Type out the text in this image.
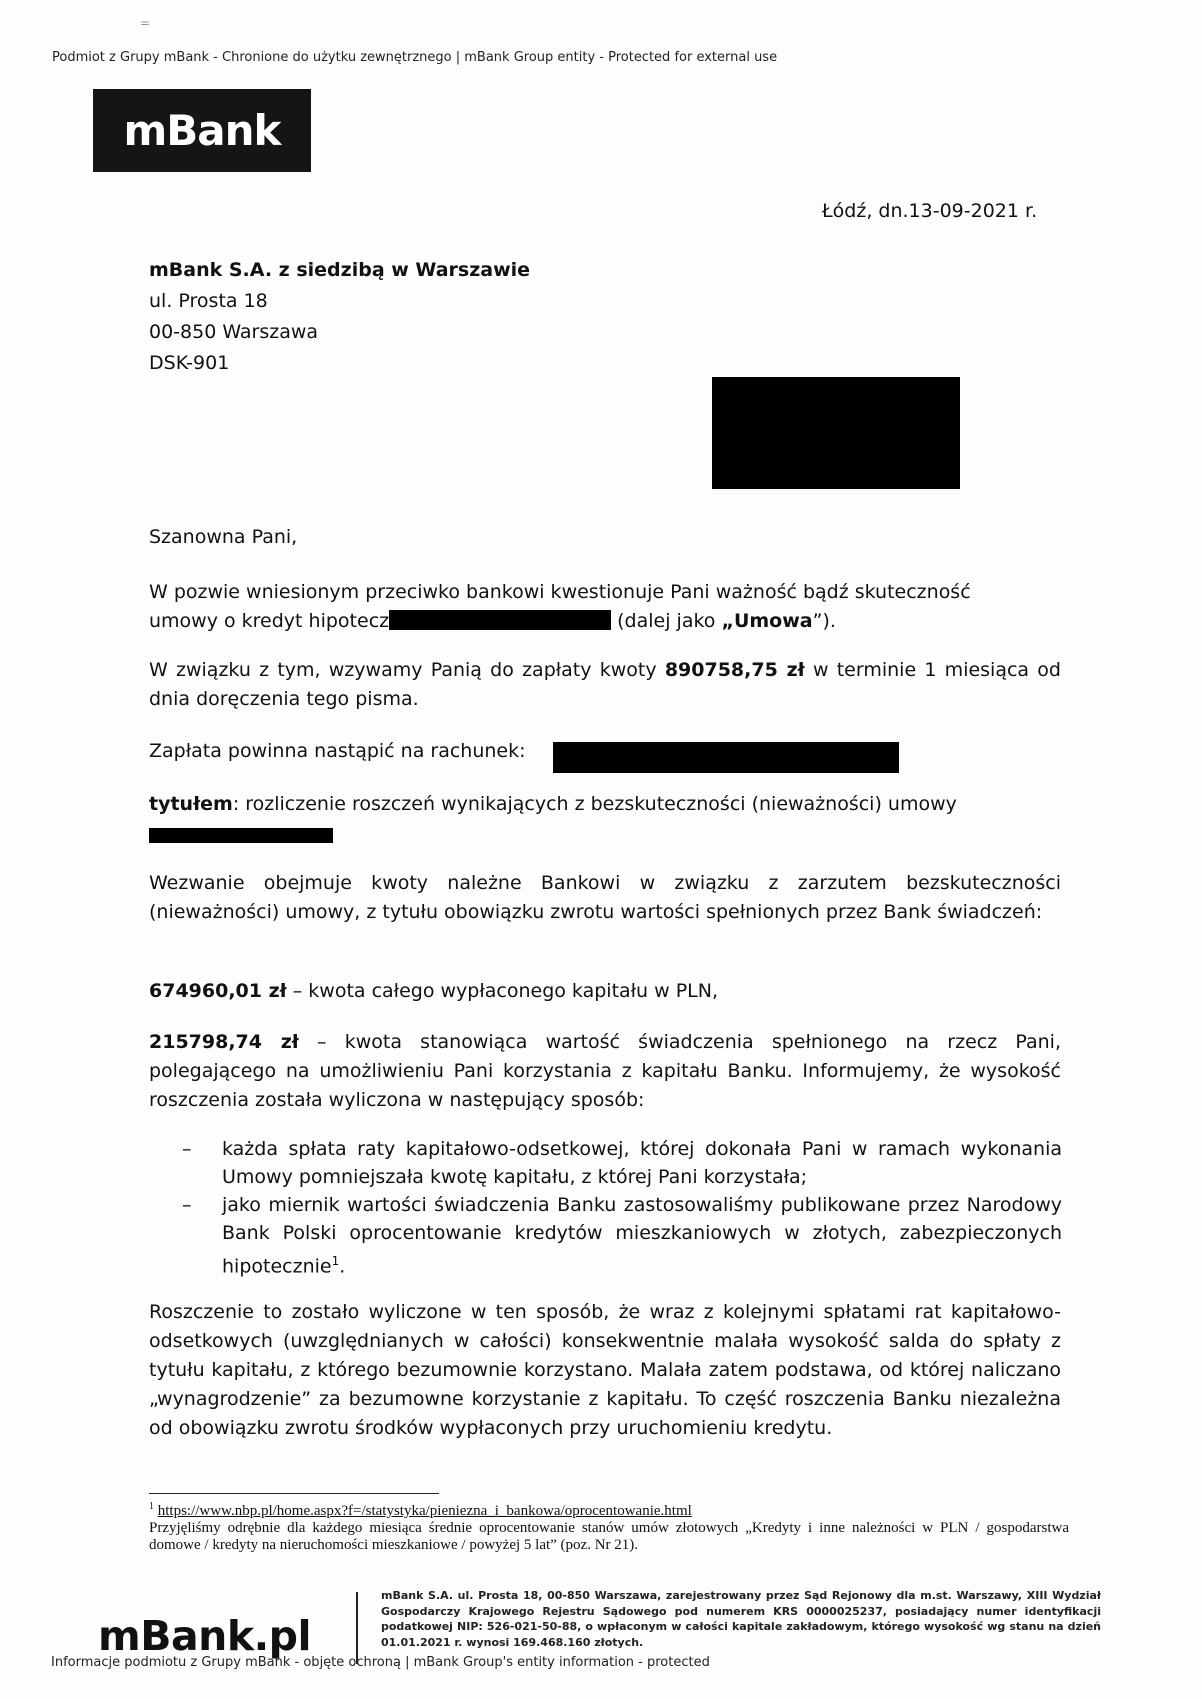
=
Podmiot z Grupy mBank - Chronione do użytku zewnętrznego | mBank Group entity - Protected for external use
mBank
Łódź, dn.13-09-2021 r.
mBank S.A. z siedzibą w Warszawie
ul. Prosta 18
00-850 Warszawa
DSK-901
Szanowna Pani,
W pozwie wniesionym przeciwko bankowi kwestionuje Pani ważność bądź skuteczność
umowy o kredyt hipotecz	(dalej jako „Umowa”).
W związku z tym, wzywamy Panią do zapłaty kwoty 890758,75 zł w terminie 1 miesiąca od dnia doręczenia tego pisma.
Zapłata powinna nastąpić na rachunek:
tytułem: rozliczenie roszczeń wynikających z bezskuteczności (nieważności) umowy
Wezwanie obejmuje kwoty należne Bankowi w związku z zarzutem bezskuteczności (nieważności) umowy, z tytułu obowiązku zwrotu wartości spełnionych przez Bank świadczeń:
674960,01 zł – kwota całego wypłaconego kapitału w PLN,
215798,74 zł – kwota stanowiąca wartość świadczenia spełnionego na rzecz Pani, polegającego na umożliwieniu Pani korzystania z kapitału Banku. Informujemy, że wysokość roszczenia została wyliczona w następujący sposób:
–	każda spłata raty kapitałowo-odsetkowej, której dokonała Pani w ramach wykonania Umowy pomniejszała kwotę kapitału, z której Pani korzystała;
–	jako miernik wartości świadczenia Banku zastosowaliśmy publikowane przez Narodowy Bank Polski oprocentowanie kredytów mieszkaniowych w złotych, zabezpieczonych hipotecznie$^1$.
Roszczenie to zostało wyliczone w ten sposób, że wraz z kolejnymi spłatami rat kapitałowo-odsetkowych (uwzględnianych w całości) konsekwentnie malała wysokość salda do spłaty z tytułu kapitału, z którego bezumownie korzystano. Malała zatem podstawa, od której naliczano „wynagrodzenie” za bezumowne korzystanie z kapitału. To część roszczenia Banku niezależna od obowiązku zwrotu środków wypłaconych przy uruchomieniu kredytu.
$^1$ https://www.nbp.pl/home.aspx?f=/statystyka/pieniezna_i_bankowa/oprocentowanie.html
Przyjęliśmy odrębnie dla każdego miesiąca średnie oprocentowanie stanów umów złotowych „Kredyty i inne należności w PLN / gospodarstwa domowe / kredyty na nieruchomości mieszkaniowe / powyżej 5 lat” (poz. Nr 21).
mBank.pl
mBank S.A. ul. Prosta 18, 00-850 Warszawa, zarejestrowany przez Sąd Rejonowy dla m.st. Warszawy, XIII Wydział Gospodarczy Krajowego Rejestru Sądowego pod numerem KRS 0000025237, posiadający numer identyfikacji podatkowej NIP: 526-021-50-88, o wpłaconym w całości kapitale zakładowym, którego wysokość wg stanu na dzień 01.01.2021 r. wynosi 169.468.160 złotych.
Informacje podmiotu z Grupy mBank - objęte ochroną | mBank Group's entity information - protected
